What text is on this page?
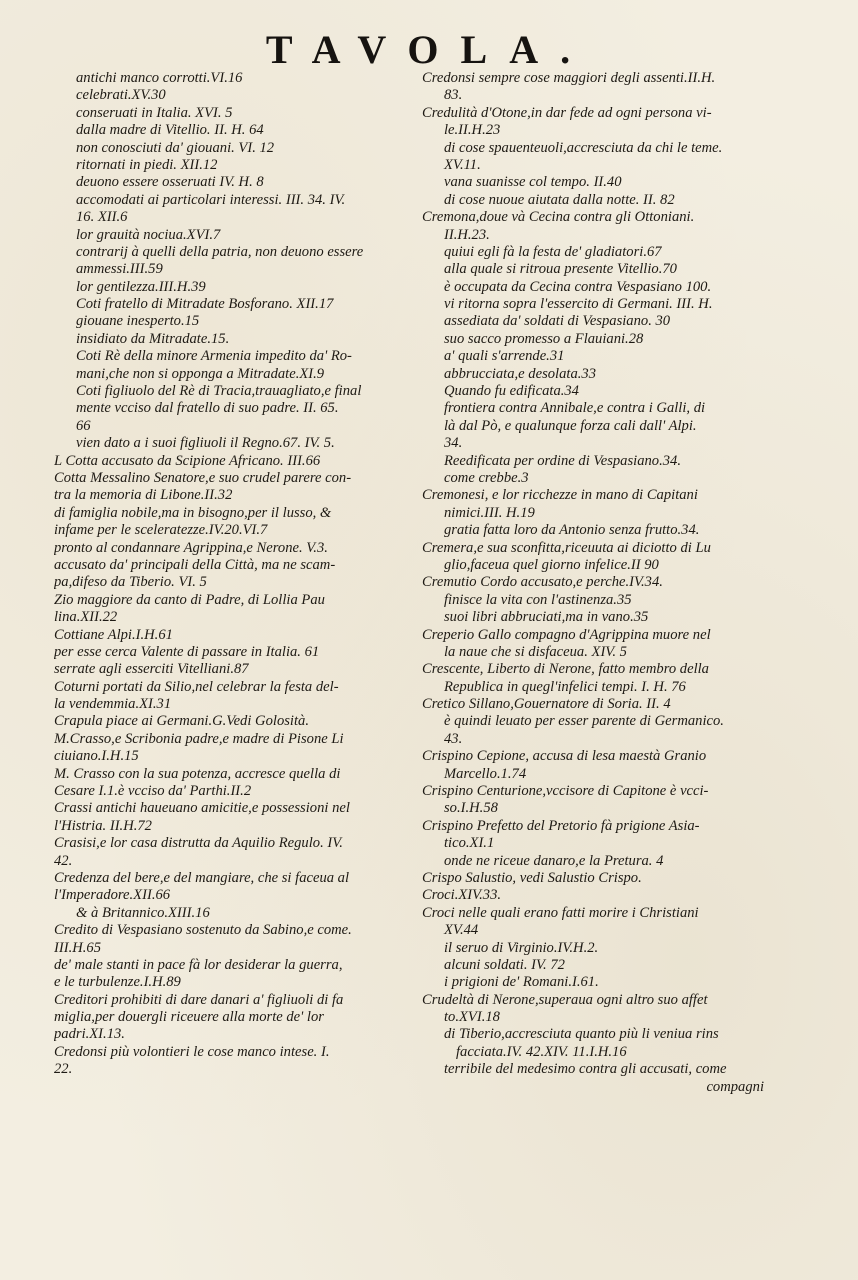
TAVOLA.
antichi manco corrotti.VI.16
celebrati.XV.30
conseruati in Italia. XVI. 5
dalla madre di Vitellio. II. H. 64
non conosciuti da' giouani. VI. 12
ritornati in piedi. XII.12
deuono essere osseruati IV. H. 8
accomodati ai particolari interessi. III. 34. IV.
16. XII.6
lor grauità nociua.XVI.7
contrarij à quelli della patria, non deuono essere
ammessi.III.59
lor gentilezza.III.H.39
Coti fratello di Mitradate Bosforano. XII.17
giouane inesperto.15
insidiato da Mitradate.15.
Coti Rè della minore Armenia impedito da' Ro-
mani,che non si opponga a Mitradate.XI.9
Coti figliuolo del Rè di Tracia,trauagliato,e final
mente vcciso dal fratello di suo padre. II. 65.
66
vien dato a i suoi figliuoli il Regno.67. IV. 5.
L Cotta accusato da Scipione Africano. III.66
Cotta Messalino Senatore,e suo crudel parere con-
tra la memoria di Libone.II.32
di famiglia nobile,ma in bisogno,per il lusso, &
infame per le sceleratezze.IV.20.VI.7
pronto al condannare Agrippina,e Nerone. V.3.
accusato da' principali della Città, ma ne scam-
pa,difeso da Tiberio. VI. 5
Zio maggiore da canto di Padre, di Lollia Pau
lina.XII.22
Cottiane Alpi.I.H.61
per esse cerca Valente di passare in Italia. 61
serrate agli esserciti Vitelliani.87
Coturni portati da Silio,nel celebrar la festa del-
la vendemmia.XI.31
Crapula piace ai Germani.G.Vedi Golosità.
M.Crasso,e Scribonia padre,e madre di Pisone Li
ciuiano.I.H.15
M. Crasso con la sua potenza, accresce quella di
Cesare I.1.è vcciso da' Parthi.II.2
Crassi antichi haueuano amicitie,e possessioni nel
l'Histria. II.H.72
Crasisi,e lor casa distrutta da Aquilio Regulo. IV.
42.
Credenza del bere,e del mangiare, che si faceua al
l'Imperadore.XII.66
& à Britannico.XIII.16
Credito di Vespasiano sostenuto da Sabino,e come.
III.H.65
de' male stanti in pace fà lor desiderar la guerra,
e le turbulenze.I.H.89
Creditori prohibiti di dare danari a' figliuoli di fa
miglia,per douergli riceuere alla morte de' lor
padri.XI.13.
Credonsi più volontieri le cose manco intese. I.
22.
Credonsi sempre cose maggiori degli assenti.II.H.
83.
Credulità d'Otone,in dar fede ad ogni persona vi-
le.II.H.23
di cose spauenteuoli,accresciuta da chi le teme.
XV.11.
vana suanisse col tempo. II.40
di cose nuoue aiutata dalla notte. II. 82
Cremona,doue và Cecina contra gli Ottoniani.
II.H.23.
quiui egli fà la festa de' gladiatori.67
alla quale si ritroua presente Vitellio.70
è occupata da Cecina contra Vespasiano 100.
vi ritorna sopra l'essercito di Germani. III. H.
assediata da' soldati di Vespasiano. 30
suo sacco promesso a Flauiani.28
a' quali s'arrende.31
abbrucciata,e desolata.33
Quando fu edificata.34
frontiera contra Annibale,e contra i Galli, di
là dal Pò, e qualunque forza cali dall' Alpi.
34.
Reedificata per ordine di Vespasiano.34.
come crebbe.3
Cremonesi, e lor ricchezze in mano di Capitani
nimici.III. H.19
gratia fatta loro da Antonio senza frutto.34.
Cremera,e sua sconfitta,riceuuta ai diciotto di Lu
glio,faceua quel giorno infelice.II 90
Cremutio Cordo accusato,e perche.IV.34.
finisce la vita con l'astinenza.35
suoi libri abbruciati,ma in vano.35
Creperio Gallo compagno d'Agrippina muore nel
la naue che si disfaceua. XIV. 5
Crescente, Liberto di Nerone, fatto membro della
Republica in quegl'infelici tempi. I. H. 76
Cretico Sillano,Gouernatore di Soria. II. 4
è quindi leuato per esser parente di Germanico.
43.
Crispino Cepione, accusa di lesa maestà Granio
Marcello.1.74
Crispino Centurione,vccisore di Capitone è vcci-
so.I.H.58
Crispino Prefetto del Pretorio fà prigione Asia-
tico.XI.1
onde ne riceue danaro,e la Pretura. 4
Crispo Salustio, vedi Salustio Crispo.
Croci.XIV.33.
Croci nelle quali erano fatti morire i Christiani
XV.44
il seruo di Virginio.IV.H.2.
alcuni soldati. IV. 72
i prigioni de' Romani.I.61.
Crudeltà di Nerone,superaua ogni altro suo affet
to.XVI.18
di Tiberio,accresciuta quanto più li veniua rins
facciata.IV. 42.XIV. 11.I.H.16
terribile del medesimo contra gli accusati, come
compagni
